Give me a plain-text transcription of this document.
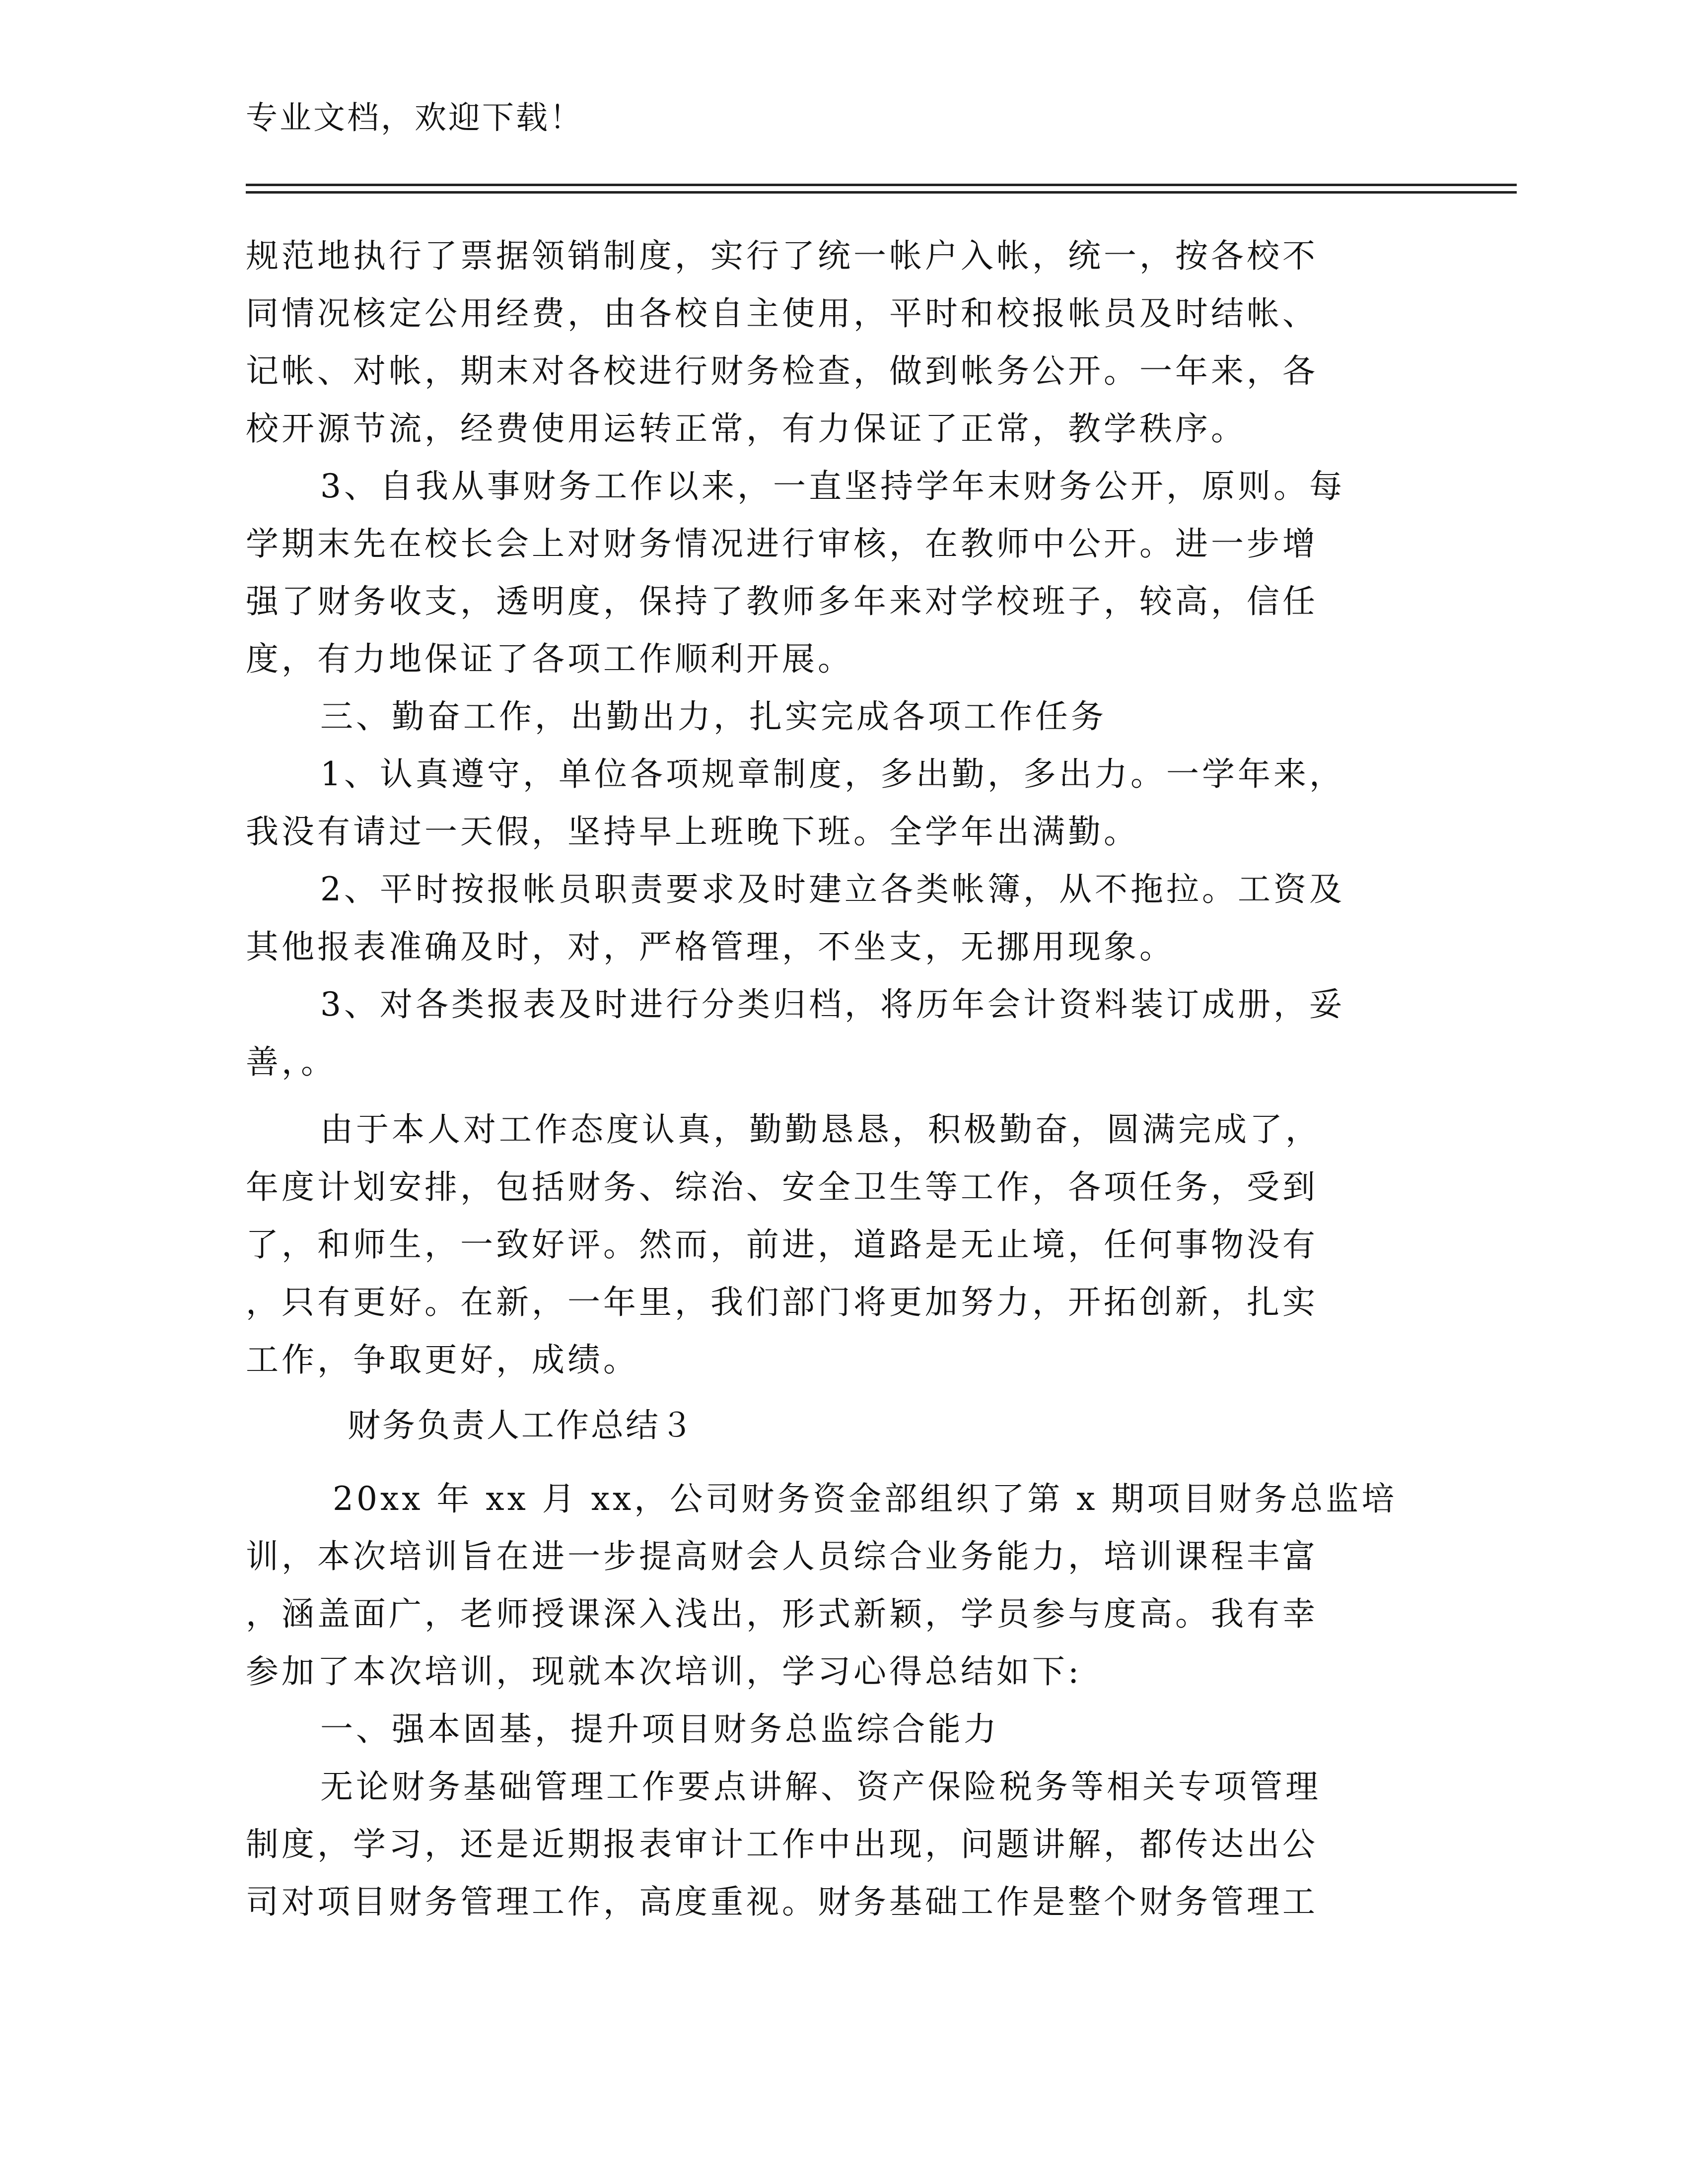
专业文档，欢迎下载！
规范地执行了票据领销制度，实行了统一帐户入帐，统一，按各校不
同情况核定公用经费，由各校自主使用，平时和校报帐员及时结帐、
记帐、对帐，期末对各校进行财务检查，做到帐务公开。一年来，各
校开源节流，经费使用运转正常，有力保证了正常，教学秩序。
3、自我从事财务工作以来，一直坚持学年末财务公开，原则。每
学期末先在校长会上对财务情况进行审核，在教师中公开。进一步增
强了财务收支，透明度，保持了教师多年来对学校班子，较高，信任
度，有力地保证了各项工作顺利开展。
三、勤奋工作，出勤出力，扎实完成各项工作任务
1、认真遵守，单位各项规章制度，多出勤，多出力。一学年来，
我没有请过一天假，坚持早上班晚下班。全学年出满勤。
2、平时按报帐员职责要求及时建立各类帐簿，从不拖拉。工资及
其他报表准确及时，对，严格管理，不坐支，无挪用现象。
3、对各类报表及时进行分类归档，将历年会计资料装订成册，妥
善，。
由于本人对工作态度认真，勤勤恳恳，积极勤奋，圆满完成了，
年度计划安排，包括财务、综治、安全卫生等工作，各项任务，受到
了，和师生，一致好评。然而，前进，道路是无止境，任何事物没有
，只有更好。在新，一年里，我们部门将更加努力，开拓创新，扎实
工作，争取更好，成绩。
财务负责人工作总结３
20xx 年 xx 月 xx，公司财务资金部组织了第 x 期项目财务总监培
训，本次培训旨在进一步提高财会人员综合业务能力，培训课程丰富
，涵盖面广，老师授课深入浅出，形式新颖，学员参与度高。我有幸
参加了本次培训，现就本次培训，学习心得总结如下:
一、强本固基，提升项目财务总监综合能力
无论财务基础管理工作要点讲解、资产保险税务等相关专项管理
制度，学习，还是近期报表审计工作中出现，问题讲解，都传达出公
司对项目财务管理工作，高度重视。财务基础工作是整个财务管理工
